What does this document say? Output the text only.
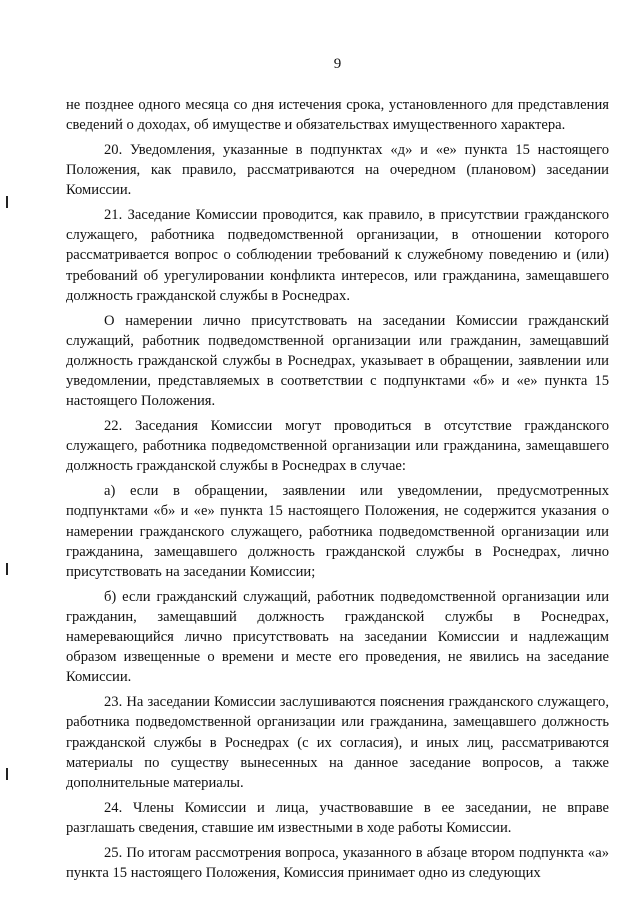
9

не позднее одного месяца со дня истечения срока, установленного для представления сведений о доходах, об имуществе и обязательствах имущественного характера.

20. Уведомления, указанные в подпунктах «д» и «е» пункта 15 настоящего Положения, как правило, рассматриваются на очередном (плановом) заседании Комиссии.

21. Заседание Комиссии проводится, как правило, в присутствии гражданского служащего, работника подведомственной организации, в отношении которого рассматривается вопрос о соблюдении требований к служебному поведению и (или) требований об урегулировании конфликта интересов, или гражданина, замещавшего должность гражданской службы в Роснедрах.

О намерении лично присутствовать на заседании Комиссии гражданский служащий, работник подведомственной организации или гражданин, замещавший должность гражданской службы в Роснедрах, указывает в обращении, заявлении или уведомлении, представляемых в соответствии с подпунктами «б» и «е» пункта 15 настоящего Положения.

22. Заседания Комиссии могут проводиться в отсутствие гражданского служащего, работника подведомственной организации или гражданина, замещавшего должность гражданской службы в Роснедрах в случае:

а) если в обращении, заявлении или уведомлении, предусмотренных подпунктами «б» и «е» пункта 15 настоящего Положения, не содержится указания о намерении гражданского служащего, работника подведомственной организации или гражданина, замещавшего должность гражданской службы в Роснедрах, лично присутствовать на заседании Комиссии;

б) если гражданский служащий, работник подведомственной организации или гражданин, замещавший должность гражданской службы в Роснедрах, намеревающийся лично присутствовать на заседании Комиссии и надлежащим образом извещенные о времени и месте его проведения, не явились на заседание Комиссии.

23. На заседании Комиссии заслушиваются пояснения гражданского служащего, работника подведомственной организации или гражданина, замещавшего должность гражданской службы в Роснедрах (с их согласия), и иных лиц, рассматриваются материалы по существу вынесенных на данное заседание вопросов, а также дополнительные материалы.

24. Члены Комиссии и лица, участвовавшие в ее заседании, не вправе разглашать сведения, ставшие им известными в ходе работы Комиссии.

25. По итогам рассмотрения вопроса, указанного в абзаце втором подпункта «а» пункта 15 настоящего Положения, Комиссия принимает одно из следующих
